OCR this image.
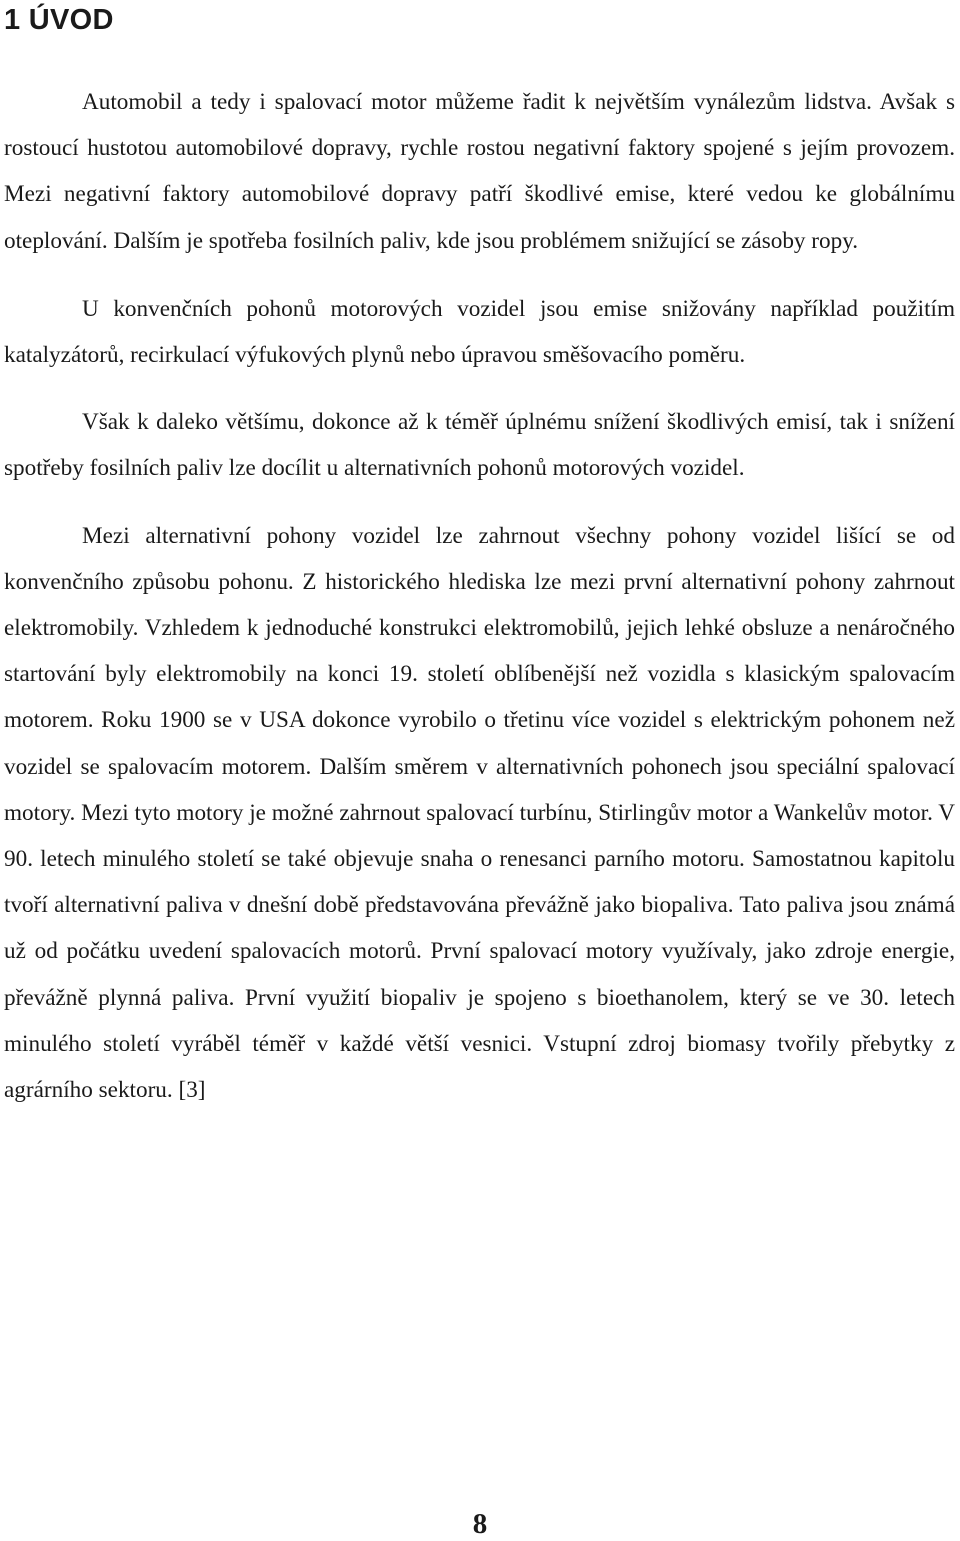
1 ÚVOD

Automobil a tedy i spalovací motor můžeme řadit k největším vynálezům lidstva. Avšak s rostoucí hustotou automobilové dopravy, rychle rostou negativní faktory spojené s jejím provozem. Mezi negativní faktory automobilové dopravy patří škodlivé emise, které vedou ke globálnímu oteplování. Dalším je spotřeba fosilních paliv, kde jsou problémem snižující se zásoby ropy.

U konvenčních pohonů motorových vozidel jsou emise snižovány například použitím katalyzátorů, recirkulací výfukových plynů nebo úpravou směšovacího poměru.

Však k daleko většímu, dokonce až k téměř úplnému snížení škodlivých emisí, tak i snížení spotřeby fosilních paliv lze docílit u alternativních pohonů motorových vozidel.

Mezi alternativní pohony vozidel lze zahrnout všechny pohony vozidel lišící se od konvenčního způsobu pohonu. Z historického hlediska lze mezi první alternativní pohony zahrnout elektromobily. Vzhledem k jednoduché konstrukci elektromobilů, jejich lehké obsluze a nenáročného startování byly elektromobily na konci 19. století oblíbenější než vozidla s klasickým spalovacím motorem. Roku 1900 se v USA dokonce vyrobilo o třetinu více vozidel s elektrickým pohonem než vozidel se spalovacím motorem. Dalším směrem v alternativních pohonech jsou speciální spalovací motory. Mezi tyto motory je možné zahrnout spalovací turbínu, Stirlingův motor a Wankelův motor. V 90. letech minulého století se také objevuje snaha o renesanci parního motoru. Samostatnou kapitolu tvoří alternativní paliva v dnešní době představována převážně jako biopaliva. Tato paliva jsou známá už od počátku uvedení spalovacích motorů. První spalovací motory využívaly, jako zdroje energie, převážně plynná paliva. První využití biopaliv je spojeno s bioethanolem, který se ve 30. letech minulého století vyráběl téměř v každé větší vesnici. Vstupní zdroj biomasy tvořily přebytky z agrárního sektoru. [3]

8
